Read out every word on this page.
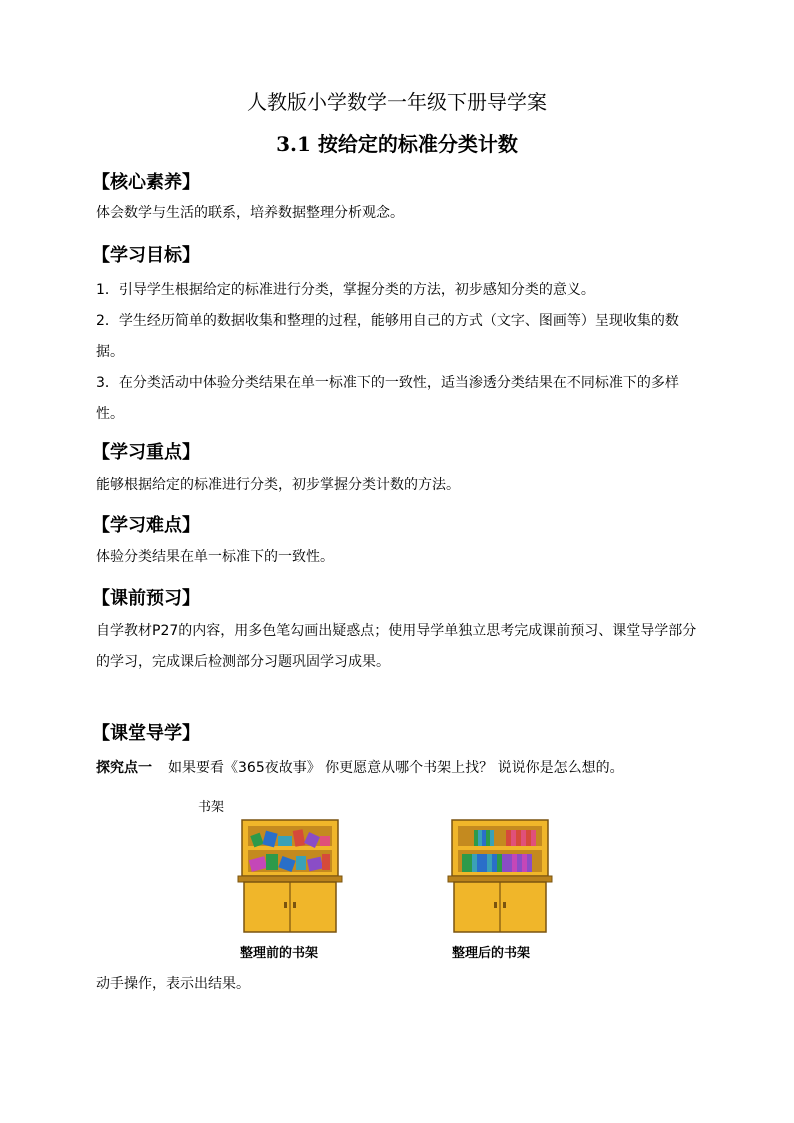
人教版小学数学一年级下册导学案
3.1 按给定的标准分类计数
【核心素养】
体会数学与生活的联系，培养数据整理分析观念。
【学习目标】
1．引导学生根据给定的标准进行分类，掌握分类的方法，初步感知分类的意义。
2．学生经历简单的数据收集和整理的过程，能够用自己的方式（文字、图画等）呈现收集的数据。
3．在分类活动中体验分类结果在单一标准下的一致性，适当渗透分类结果在不同标准下的多样性。
【学习重点】
能够根据给定的标准进行分类，初步掌握分类计数的方法。
【学习难点】
体验分类结果在单一标准下的一致性。
【课前预习】
自学教材P27的内容，用多色笔勾画出疑惑点；使用导学单独立思考完成课前预习、课堂导学部分的学习，完成课后检测部分习题巩固学习成果。
【课堂导学】
探究点一 如果要看《365夜故事》 你更愿意从哪个书架上找？ 说说你是怎么想的。
书架
整理前的书架	整理后的书架
动手操作，表示出结果。
